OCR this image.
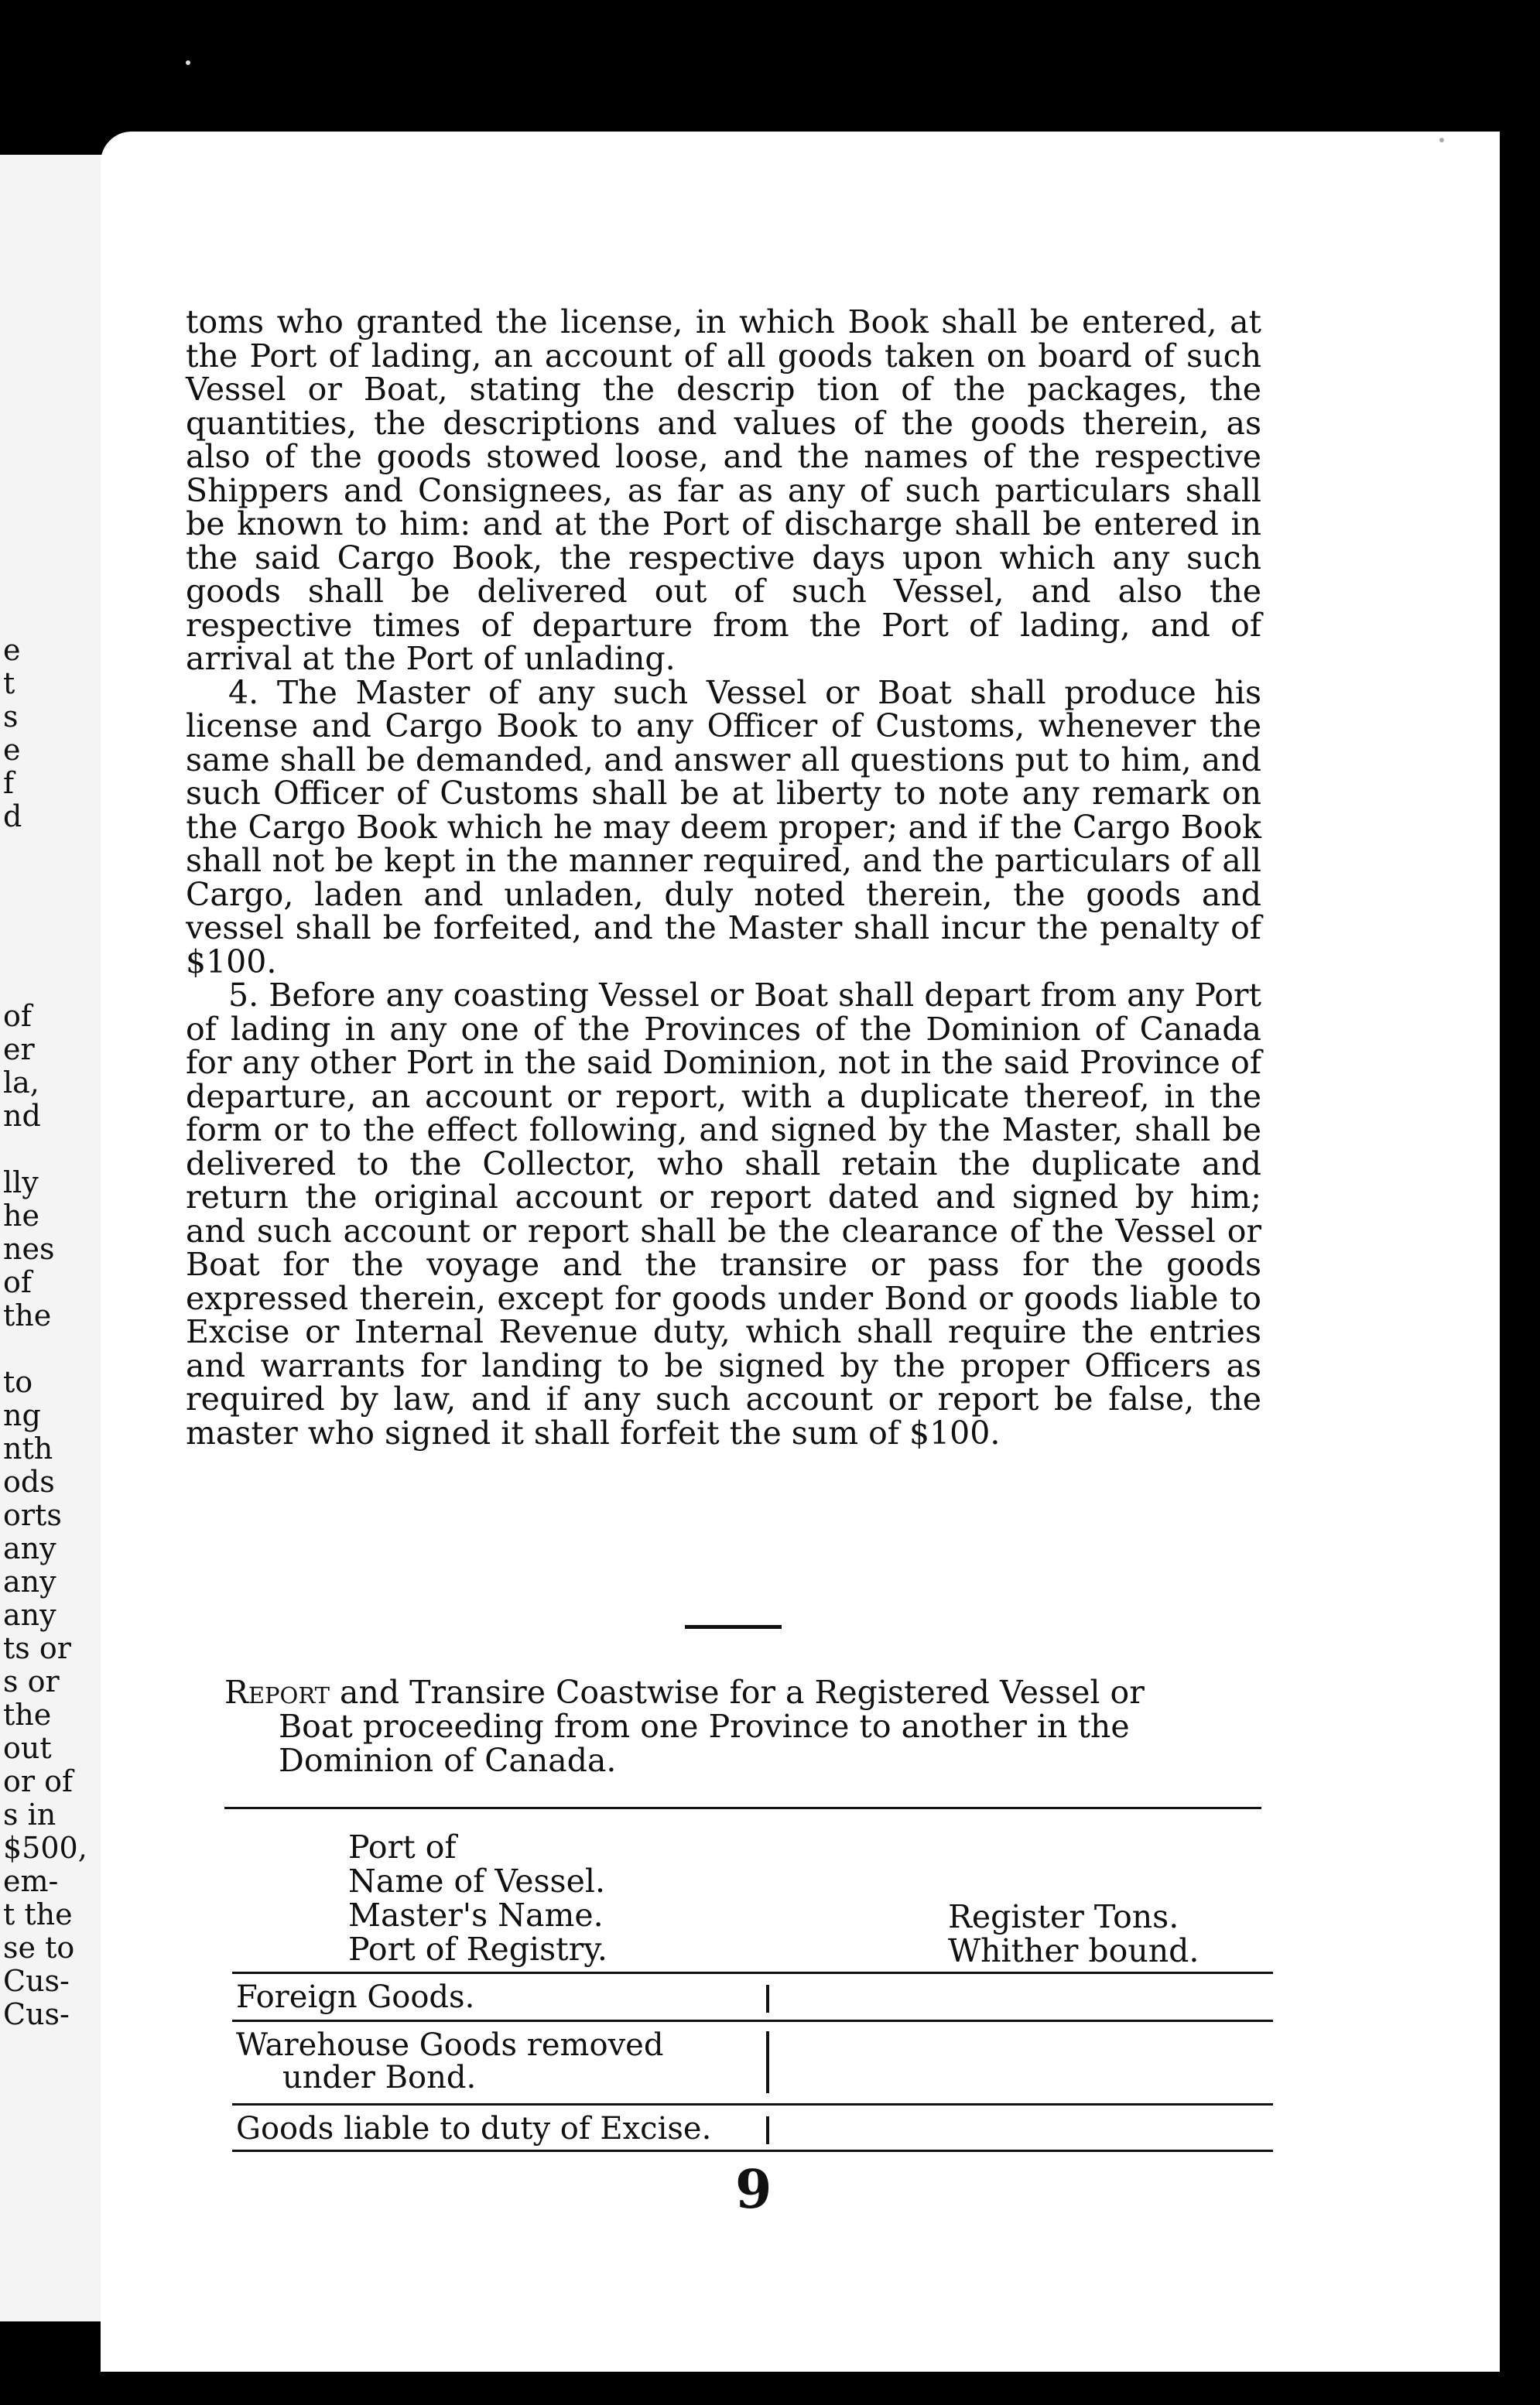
e
t
s
e
f
d
of
er
la,
nd
lly
he
nes
of
the
to
ng
nth
ods
orts
any
any
any
ts or
s or
the
out
or of
s in
$500,
em-
t the
se to
Cus-
Cus-

toms who granted the license, in which Book shall be entered, at the Port of lading, an account of all goods taken on board of such Vessel or Boat, stating the descrip tion of the packages, the quantities, the descriptions and values of the goods therein, as also of the goods stowed loose, and the names of the respective Shippers and Consignees, as far as any of such particulars shall be known to him: and at the Port of discharge shall be entered in the said Cargo Book, the respective days upon which any such goods shall be delivered out of such Vessel, and also the respective times of departure from the Port of lading, and of arrival at the Port of unlading.

4. The Master of any such Vessel or Boat shall produce his license and Cargo Book to any Officer of Customs, whenever the same shall be demanded, and answer all questions put to him, and such Officer of Customs shall be at liberty to note any remark on the Cargo Book which he may deem proper; and if the Cargo Book shall not be kept in the manner required, and the particulars of all Cargo, laden and unladen, duly noted therein, the goods and vessel shall be forfeited, and the Master shall incur the penalty of $100.

5. Before any coasting Vessel or Boat shall depart from any Port of lading in any one of the Provinces of the Dominion of Canada for any other Port in the said Dominion, not in the said Province of departure, an account or report, with a duplicate thereof, in the form or to the effect following, and signed by the Master, shall be delivered to the Collector, who shall retain the duplicate and return the original account or report dated and signed by him; and such account or report shall be the clearance of the Vessel or Boat for the voyage and the transire or pass for the goods expressed therein, except for goods under Bond or goods liable to Excise or Internal Revenue duty, which shall require the entries and warrants for landing to be signed by the proper Officers as required by law, and if any such account or report be false, the master who signed it shall forfeit the sum of $100.

Report and Transire Coastwise for a Registered Vessel or
Boat proceeding from one Province to another in the
Dominion of Canada.
Port of
Name of Vessel.
Master's Name.
Port of Registry.
Register Tons.
Whither bound.
Foreign Goods.
Warehouse Goods removed
under Bond.
Goods liable to duty of Excise.
9
